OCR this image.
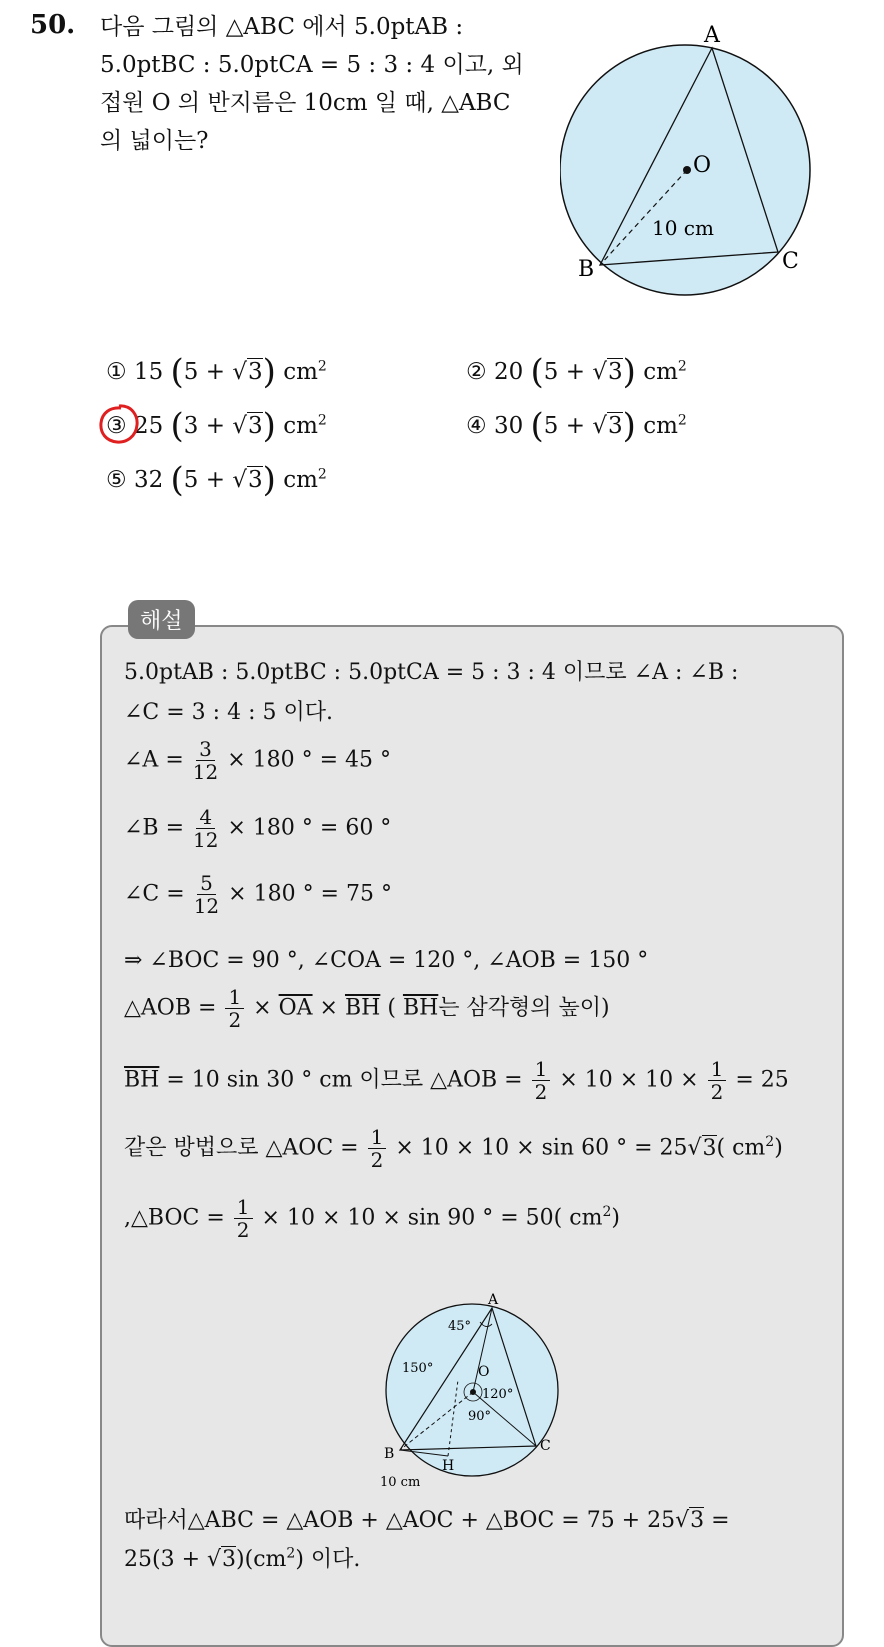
50. 다음 그림의 △ABC 에서 5.0ptAB :
5.0ptBC : 5.0ptCA = 5 : 3 : 4 이고, 외
접원 O 의 반지름은 10cm 일 때, △ABC
의 넓이는?
A
B	C
O
10 cm
① 15 (5 + √3) $cm^2$	② 20 (5 + √3) $cm^2$
③ 25 (3 + √3) $cm^2$	④ 30 (5 + √3) $cm^2$
⑤ 32 (5 + √3) $cm^2$
해설
5.0ptAB : 5.0ptBC : 5.0ptCA = 5 : 3 : 4 이므로 ∠A : ∠B :
∠C = 3 : 4 : 5 이다.
∠A = $\frac{3}{12} \times 180$ ° = 45 °
∠B = $\frac{4}{12} \times 180$ ° = 60 °
∠C = $\frac{5}{12} \times 180$ ° = 75 °
⇒ ∠BOC = 90 °, ∠COA = 120 °, ∠AOB = 150 °
△AOB = $\frac{1}{2} \times \overline{OA} \times \overline{BH}$ ( $\overline{BH}$는 삼각형의 높이)
$\overline{BH} = 10$ sin 30 ° cm 이므로 △AOB = $\frac{1}{2} \times 10 \times 10 \times \frac{1}{2} = 25$
같은 방법으로 △AOC = $\frac{1}{2} \times 10 \times 10 \times \sin 60$ ° = 25√3( $cm^2$)
,△BOC = $\frac{1}{2} \times 10 \times 10 \times \sin 90$ ° = 50( $cm^2$)
A
B	C
O
H
45°
150°
120°
90°
10 cm
따라서△ABC = △AOB + △AOC + △BOC = 75 + 25√3 =
$25(3 + √3)(cm^2)$ 이다.
